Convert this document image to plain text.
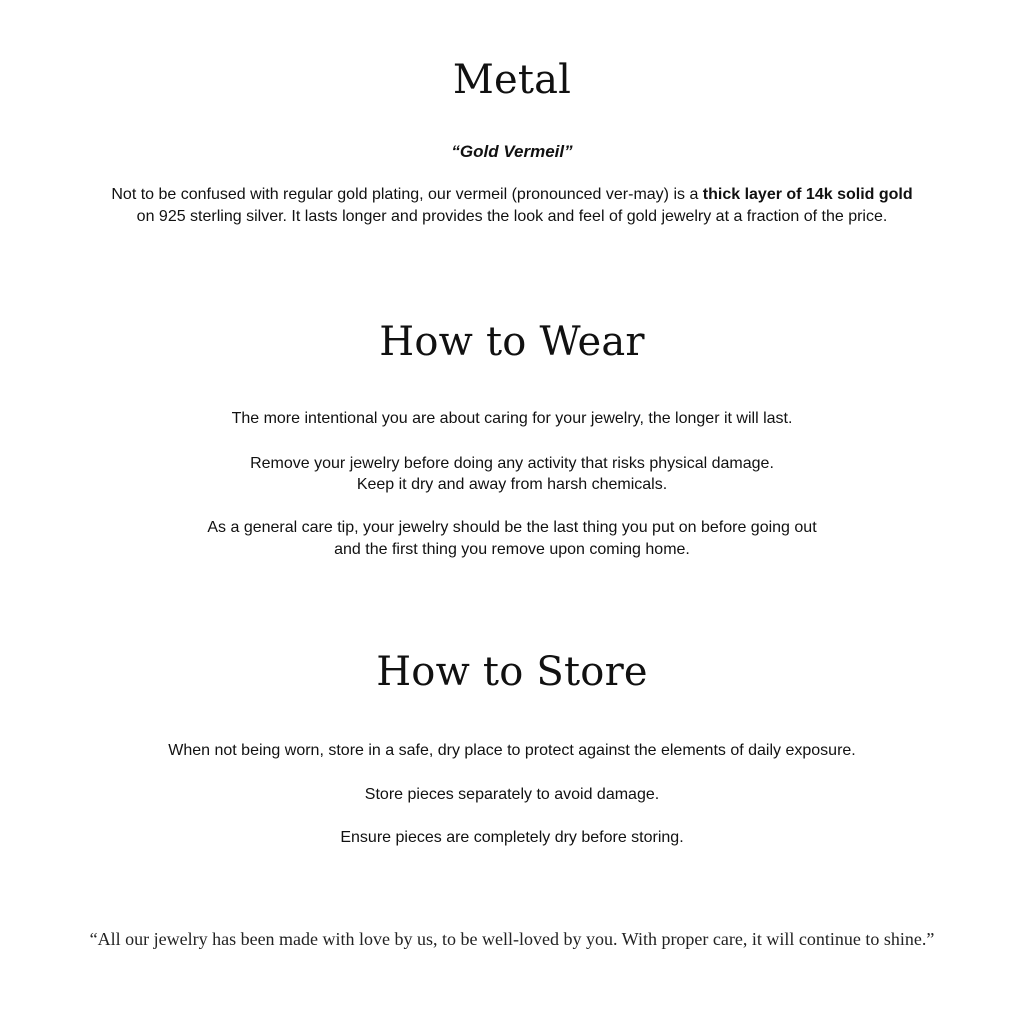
Metal

“Gold Vermeil”

Not to be confused with regular gold plating, our vermeil (pronounced ver-may) is a thick layer of 14k solid gold

on 925 sterling silver. It lasts longer and provides the look and feel of gold jewelry at a fraction of the price.

How to Wear

The more intentional you are about caring for your jewelry, the longer it will last.

Remove your jewelry before doing any activity that risks physical damage.

Keep it dry and away from harsh chemicals.

As a general care tip, your jewelry should be the last thing you put on before going out

and the first thing you remove upon coming home.

How to Store

When not being worn, store in a safe, dry place to protect against the elements of daily exposure.

Store pieces separately to avoid damage.

Ensure pieces are completely dry before storing.

“All our jewelry has been made with love by us, to be well-loved by you. With proper care, it will continue to shine.”
